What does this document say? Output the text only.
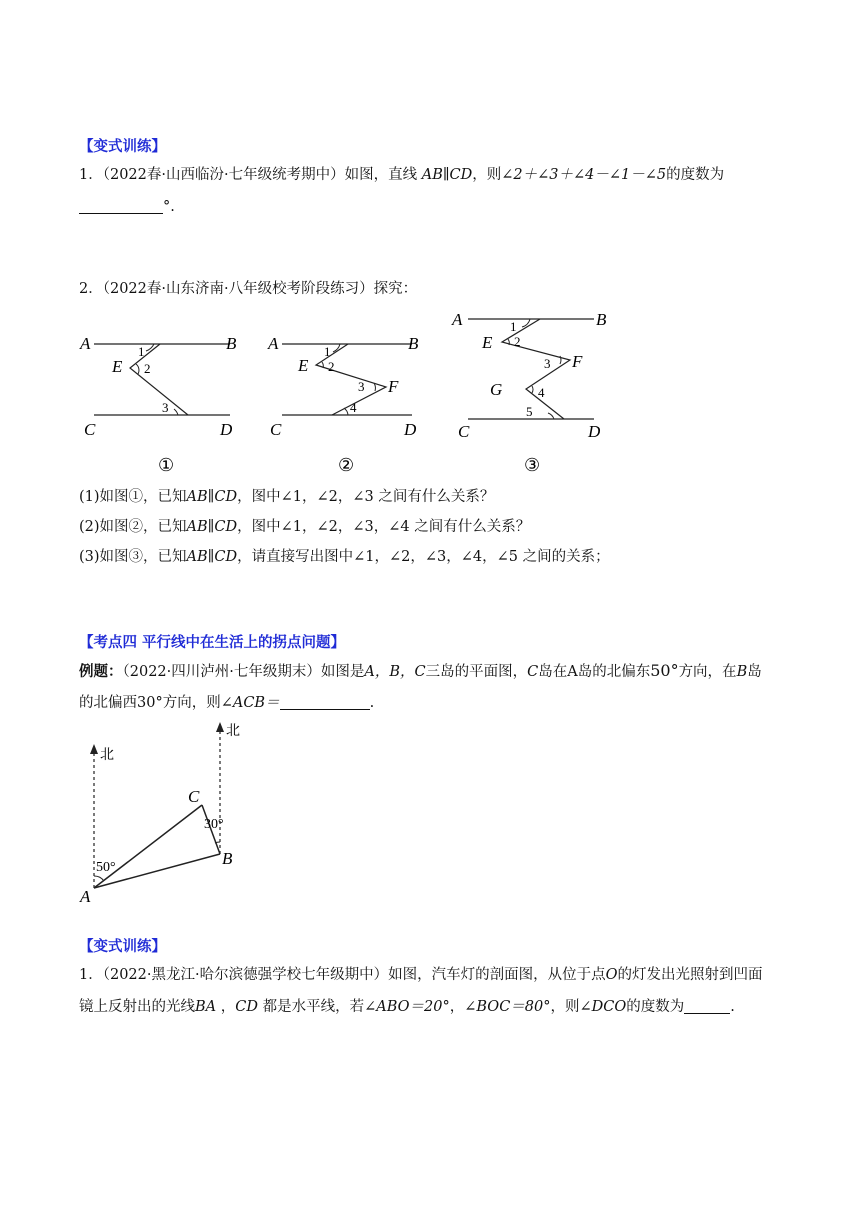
【变式训练】
1．（2022春·山西临汾·七年级统考期中）如图，直线 AB∥CD，则∠2＋∠3＋∠4－∠1－∠5的度数为
°.
2．（2022春·山东济南·八年级校考阶段练习）探究：
A	B
E
C	D
1
2
3
①
A	B
E
F
C	D
1
2
3
4
②
A	B
E
F
G
C	D
1
2
3
4
5
③
(1)如图①，已知AB∥CD，图中∠1，∠2，∠3 之间有什么关系？
(2)如图②，已知AB∥CD，图中∠1，∠2，∠3，∠4 之间有什么关系？
(3)如图③，已知AB∥CD，请直接写出图中∠1，∠2，∠3，∠4，∠5 之间的关系；
【考点四 平行线中在生活上的拐点问题】
例题：（2022·四川泸州·七年级期末）如图是A，B，C三岛的平面图，C岛在A岛的北偏东50°方向，在B岛
的北偏西30°方向，则∠ACB＝	.
北
北
A
B
C
50°
30°
【变式训练】
1．（2022·黑龙江·哈尔滨德强学校七年级期中）如图，汽车灯的剖面图，从位于点O的灯发出光照射到凹面
镜上反射出的光线BA ，CD 都是水平线，若∠ABO＝20°，∠BOC＝80°，则∠DCO的度数为	.
